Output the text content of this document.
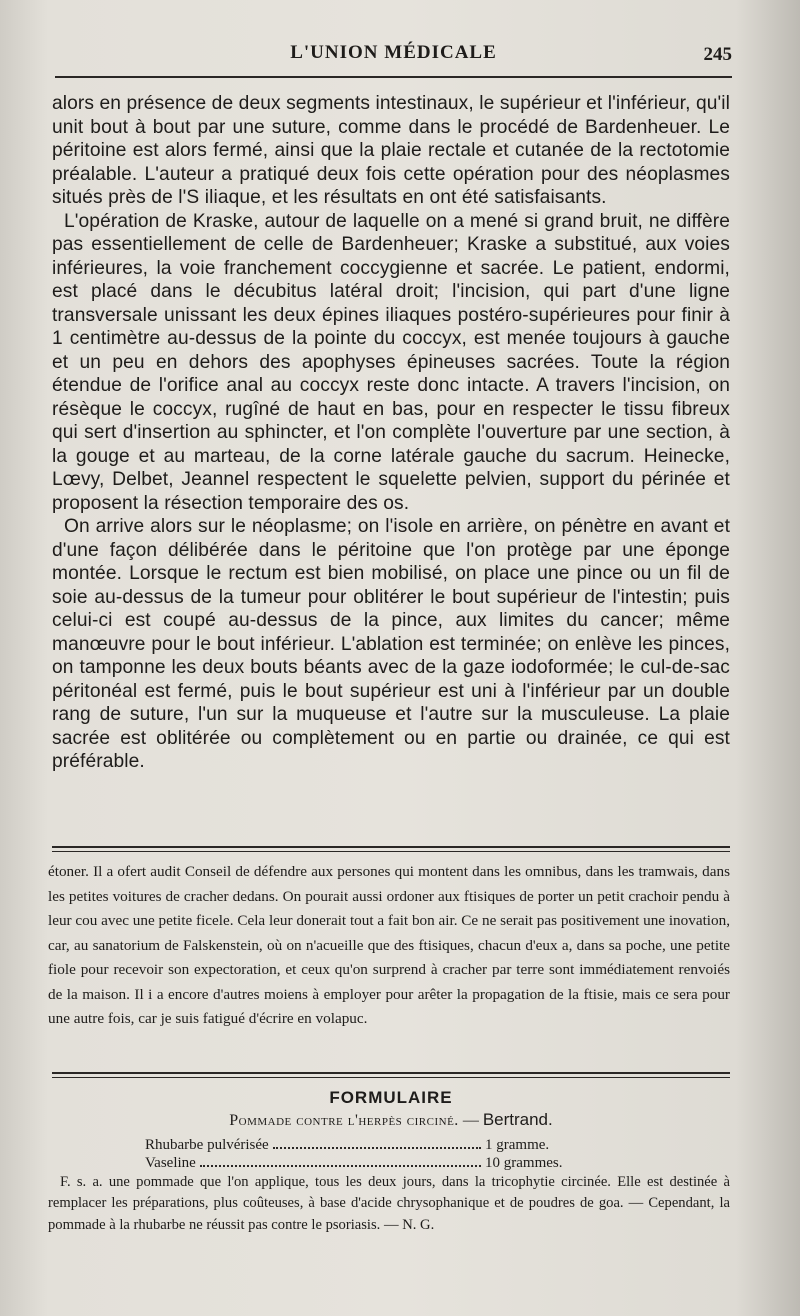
L'UNION MÉDICALE	245

alors en présence de deux segments intestinaux, le supérieur et l'inférieur, qu'il unit bout à bout par une suture, comme dans le procédé de Bardenheuer. Le péritoine est alors fermé, ainsi que la plaie rectale et cutanée de la rectotomie préalable. L'auteur a pratiqué deux fois cette opération pour des néoplasmes situés près de l'S iliaque, et les résultats en ont été satisfaisants.

L'opération de Kraske, autour de laquelle on a mené si grand bruit, ne diffère pas essentiellement de celle de Bardenheuer; Kraske a substitué, aux voies inférieures, la voie franchement coccygienne et sacrée. Le patient, endormi, est placé dans le décubitus latéral droit; l'incision, qui part d'une ligne transversale unissant les deux épines iliaques postéro-supérieures pour finir à 1 centimètre au-dessus de la pointe du coccyx, est menée toujours à gauche et un peu en dehors des apophyses épineuses sacrées. Toute la région étendue de l'orifice anal au coccyx reste donc intacte. A travers l'incision, on résèque le coccyx, rugîné de haut en bas, pour en respecter le tissu fibreux qui sert d'insertion au sphincter, et l'on complète l'ouverture par une section, à la gouge et au marteau, de la corne latérale gauche du sacrum. Heinecke, Lœvy, Delbet, Jeannel respectent le squelette pelvien, support du périnée et proposent la résection temporaire des os.

On arrive alors sur le néoplasme; on l'isole en arrière, on pénètre en avant et d'une façon délibérée dans le péritoine que l'on protège par une éponge montée. Lorsque le rectum est bien mobilisé, on place une pince ou un fil de soie au-dessus de la tumeur pour oblitérer le bout supérieur de l'intestin; puis celui-ci est coupé au-dessus de la pince, aux limites du cancer; même manœuvre pour le bout inférieur. L'ablation est terminée; on enlève les pinces, on tamponne les deux bouts béants avec de la gaze iodoformée; le cul-de-sac péritonéal est fermé, puis le bout supérieur est uni à l'inférieur par un double rang de suture, l'un sur la muqueuse et l'autre sur la musculeuse. La plaie sacrée est oblitérée ou complètement ou en partie ou drainée, ce qui est préférable.

étoner. Il a ofert audit Conseil de défendre aux persones qui montent dans les omnibus, dans les tramwais, dans les petites voitures de cracher dedans. On pourait aussi ordoner aux ftisiques de porter un petit crachoir pendu à leur cou avec une petite ficele. Cela leur donerait tout a fait bon air. Ce ne serait pas positivement une inovation, car, au sanatorium de Falskenstein, où on n'acueille que des ftisiques, chacun d'eux a, dans sa poche, une petite fiole pour recevoir son expectoration, et ceux qu'on surprend à cracher par terre sont immédiatement renvoiés de la maison. Il i a encore d'autres moiens à employer pour arêter la propagation de la ftisie, mais ce sera pour une autre fois, car je suis fatigué d'écrire en volapuc.

FORMULAIRE
Pommade contre l'herpès circiné. — Bertrand.
Rhubarbe pulvérisée	1 gramme.
Vaseline	10 grammes.

F. s. a. une pommade que l'on applique, tous les deux jours, dans la tricophytie circinée. Elle est destinée à remplacer les préparations, plus coûteuses, à base d'acide chrysophanique et de poudres de goa. — Cependant, la pommade à la rhubarbe ne réussit pas contre le psoriasis. — N. G.
